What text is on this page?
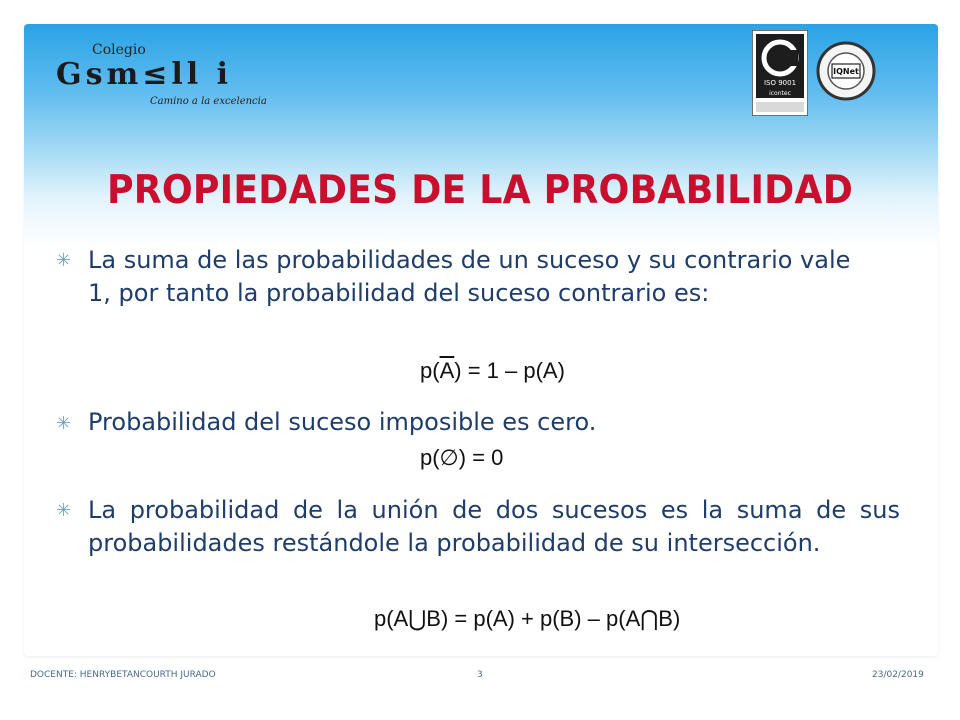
Colegio
Gsm≤ll i
Camino a la excelencia
ISO 9001
icontec
IQNet
PROPIEDADES DE LA PROBABILIDAD
✳ La suma de las probabilidades de un suceso y su contrario vale 1, por tanto la probabilidad del suceso contrario es:

$p(\overline{A}) = 1 - p(A)$
✳ Probabilidad del suceso imposible es cero.

p(∅) = 0
✳ La probabilidad de la unión de dos sucesos es la suma de sus probabilidades restándole la probabilidad de su intersección.

p(A⋃B) = p(A) + p(B) – p(A⋂B)
DOCENTE: HENRYBETANCOURTH JURADO	3	23/02/2019
